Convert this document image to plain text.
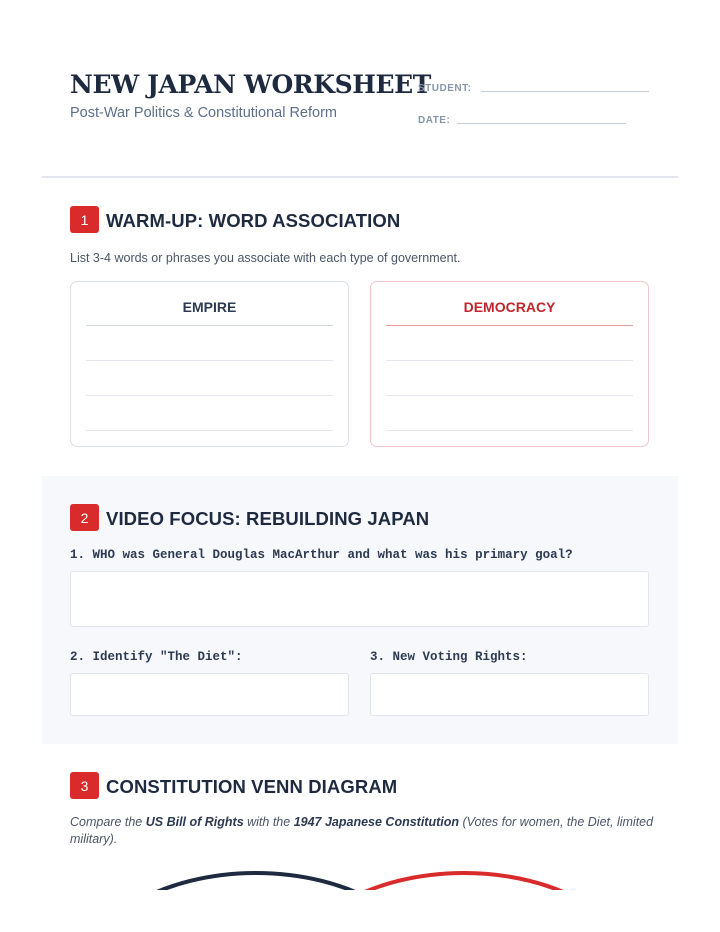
NEW JAPAN WORKSHEET
Post-War Politics & Constitutional Reform
STUDENT:
DATE:
1 WARM-UP: WORD ASSOCIATION
List 3-4 words or phrases you associate with each type of government.
EMPIRE	DEMOCRACY
2 VIDEO FOCUS: REBUILDING JAPAN
1. WHO was General Douglas MacArthur and what was his primary goal?
2. Identify "The Diet":	3. New Voting Rights:
3 CONSTITUTION VENN DIAGRAM
Compare the US Bill of Rights with the 1947 Japanese Constitution (Votes for women, the Diet, limited military).
